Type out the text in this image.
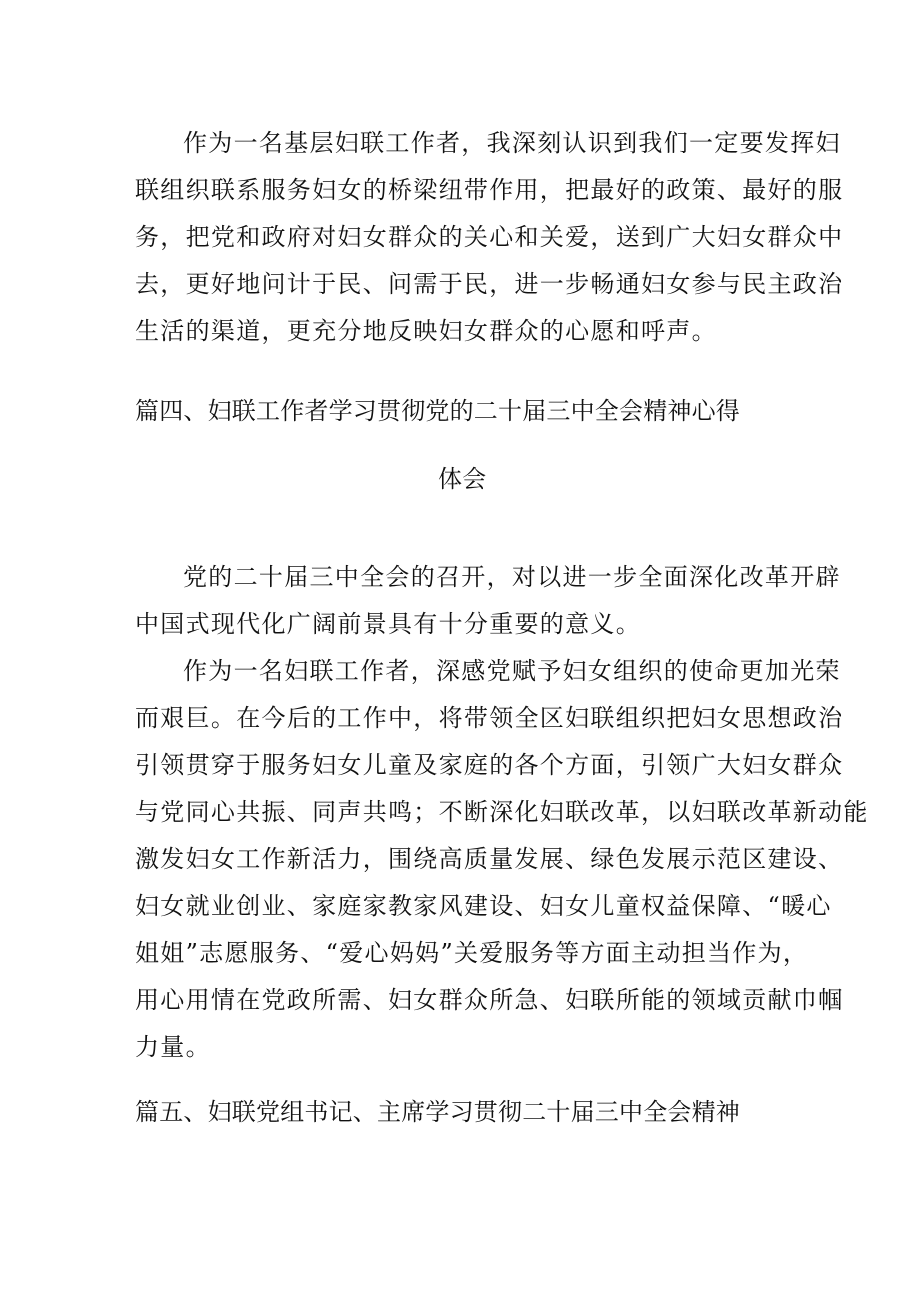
作为一名基层妇联工作者，我深刻认识到我们一定要发挥妇
联组织联系服务妇女的桥梁纽带作用，把最好的政策、最好的服
务，把党和政府对妇女群众的关心和关爱，送到广大妇女群众中
去，更好地问计于民、问需于民，进一步畅通妇女参与民主政治
生活的渠道，更充分地反映妇女群众的心愿和呼声。
篇四、妇联工作者学习贯彻党的二十届三中全会精神心得
体会
党的二十届三中全会的召开，对以进一步全面深化改革开辟
中国式现代化广阔前景具有十分重要的意义。
作为一名妇联工作者，深感党赋予妇女组织的使命更加光荣
而艰巨。在今后的工作中，将带领全区妇联组织把妇女思想政治
引领贯穿于服务妇女儿童及家庭的各个方面，引领广大妇女群众
与党同心共振、同声共鸣；不断深化妇联改革，以妇联改革新动能
激发妇女工作新活力，围绕高质量发展、绿色发展示范区建设、
妇女就业创业、家庭家教家风建设、妇女儿童权益保障、“暖心
姐姐”志愿服务、“爱心妈妈”关爱服务等方面主动担当作为，
用心用情在党政所需、妇女群众所急、妇联所能的领域贡献巾帼
力量。
篇五、妇联党组书记、主席学习贯彻二十届三中全会精神
